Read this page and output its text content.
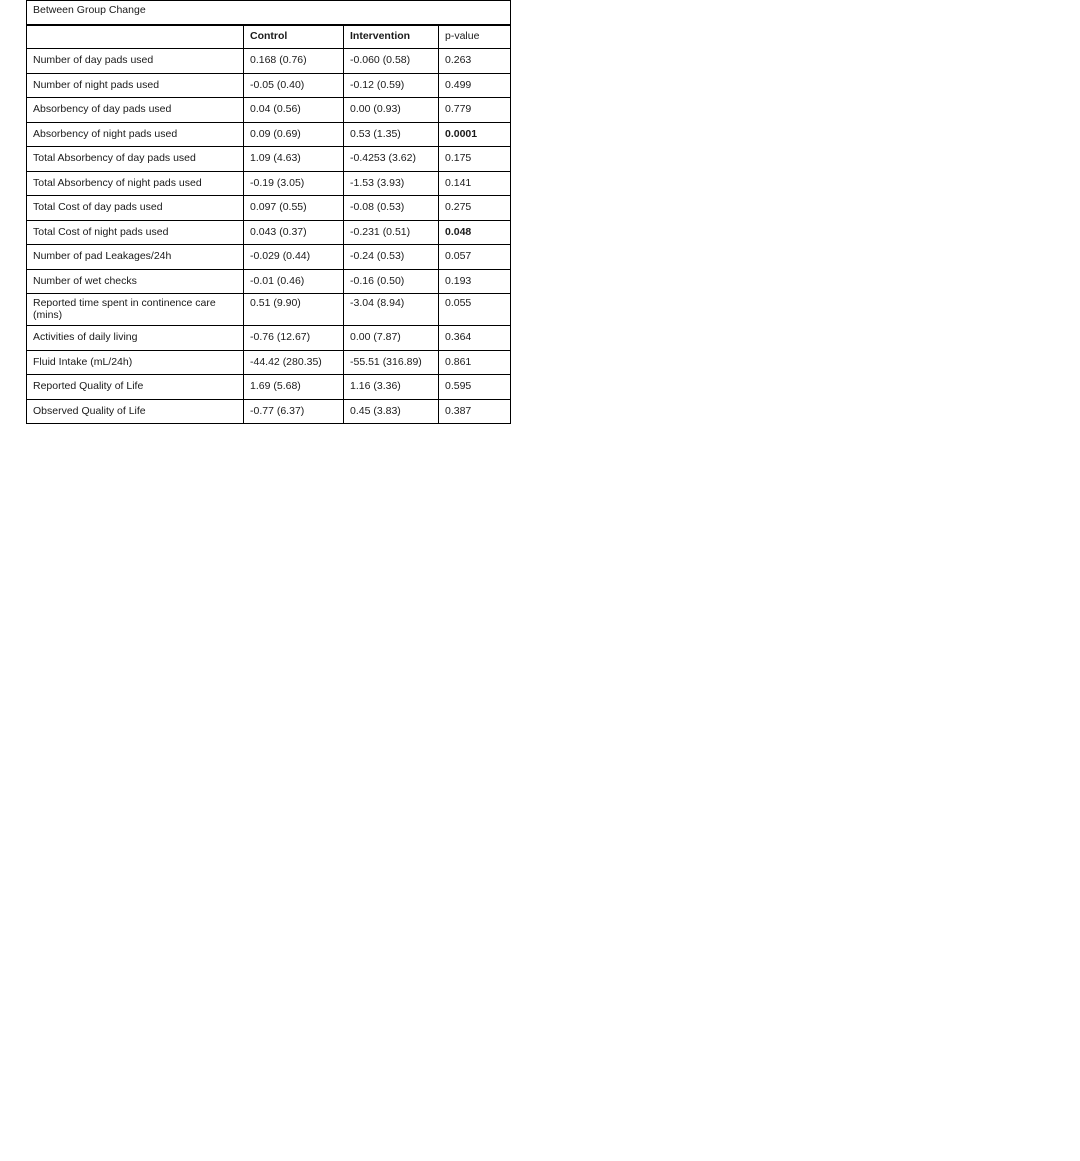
Between Group Change			
	Control	Intervention	p-value
Number of day pads used	0.168 (0.76)	-0.060 (0.58)	0.263
Number of night pads used	-0.05 (0.40)	-0.12 (0.59)	0.499
Absorbency of day pads used	0.04 (0.56)	0.00 (0.93)	0.779
Absorbency of night pads used	0.09 (0.69)	0.53 (1.35)	0.0001
Total Absorbency of day pads used	1.09 (4.63)	-0.4253 (3.62)	0.175
Total Absorbency of night pads used	-0.19 (3.05)	-1.53 (3.93)	0.141
Total Cost of day pads used	0.097 (0.55)	-0.08 (0.53)	0.275
Total Cost of night pads used	0.043 (0.37)	-0.231 (0.51)	0.048
Number of pad Leakages/24h	-0.029 (0.44)	-0.24 (0.53)	0.057
Number of wet checks	-0.01 (0.46)	-0.16 (0.50)	0.193
Reported time spent in continence care (mins)	0.51 (9.90)	-3.04 (8.94)	0.055
Activities of daily living	-0.76 (12.67)	0.00 (7.87)	0.364
Fluid Intake (mL/24h)	-44.42 (280.35)	-55.51 (316.89)	0.861
Reported Quality of Life	1.69 (5.68)	1.16 (3.36)	0.595
Observed Quality of Life	-0.77 (6.37)	0.45 (3.83)	0.387
